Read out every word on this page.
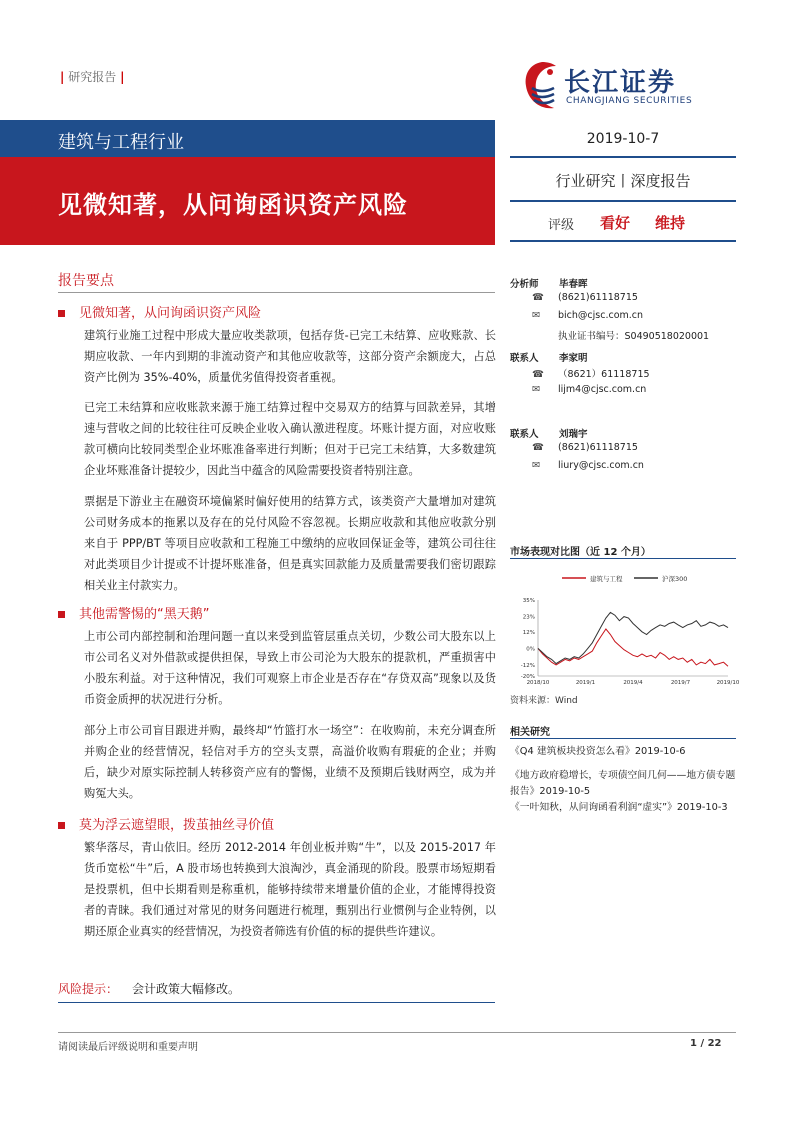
| 研究报告 |	长江证券
CHANGJIANG SECURITIES
建筑与工程行业
见微知著，从问询函识资产风险
2019-10-7
行业研究丨深度报告
评级 看好 维持
报告要点
见微知著，从问询函识资产风险
建筑行业施工过程中形成大量应收类款项，包括存货-已完工未结算、应收账款、长期应收款、一年内到期的非流动资产和其他应收款等，这部分资产余额庞大，占总资产比例为 35%-40%，质量优劣值得投资者重视。
已完工未结算和应收账款来源于施工结算过程中交易双方的结算与回款差异，其增速与营收之间的比较往往可反映企业收入确认激进程度。坏账计提方面，对应收账款可横向比较同类型企业坏账准备率进行判断；但对于已完工未结算，大多数建筑企业坏账准备计提较少，因此当中蕴含的风险需要投资者特别注意。
票据是下游业主在融资环境偏紧时偏好使用的结算方式，该类资产大量增加对建筑公司财务成本的拖累以及存在的兑付风险不容忽视。长期应收款和其他应收款分别来自于 PPP/BT 等项目应收款和工程施工中缴纳的应收回保证金等，建筑公司往往对此类项目少计提或不计提坏账准备，但是真实回款能力及质量需要我们密切跟踪相关业主付款实力。
其他需警惕的“黑天鹅”
上市公司内部控制和治理问题一直以来受到监管层重点关切，少数公司大股东以上市公司名义对外借款或提供担保，导致上市公司沦为大股东的提款机，严重损害中小股东利益。对于这种情况，我们可观察上市企业是否存在“存贷双高”现象以及货币资金质押的状况进行分析。
部分上市公司盲目跟进并购，最终却“竹篮打水一场空”：在收购前，未充分调查所并购企业的经营情况，轻信对手方的空头支票，高溢价收购有瑕疵的企业；并购后，缺少对原实际控制人转移资产应有的警惕，业绩不及预期后钱财两空，成为并购冤大头。
莫为浮云遮望眼，拨茧抽丝寻价值
繁华落尽，青山依旧。经历 2012-2014 年创业板并购“牛”，以及 2015-2017 年货币宽松“牛”后，A 股市场也转换到大浪淘沙，真金涌现的阶段。股票市场短期看是投票机，但中长期看则是称重机，能够持续带来增量价值的企业，才能博得投资者的青睐。我们通过对常见的财务问题进行梳理，甄别出行业惯例与企业特例，以期还原企业真实的经营情况，为投资者筛选有价值的标的提供些许建议。
风险提示： 会计政策大幅修改。
分析师 毕春晖
☎ (8621)61118715
✉ bich@cjsc.com.cn
执业证书编号：S0490518020001
联系人 李家明
☎ （8621）61118715
✉ lijm4@cjsc.com.cn
联系人 刘瑞宇
☎ (8621)61118715
✉ liury@cjsc.com.cn
市场表现对比图（近 12 个月）
建筑与工程	沪深300
35%
23%
12%
0%
-12%
-20%
2018/10	2019/1	2019/4	2019/7	2019/10
资料来源：Wind
相关研究
《Q4 建筑板块投资怎么看》2019-10-6
《地方政府稳增长，专项债空间几何——地方债专题报告》2019-10-5
《一叶知秋，从问询函看利润“虚实”》2019-10-3
请阅读最后评级说明和重要声明	1 / 22
